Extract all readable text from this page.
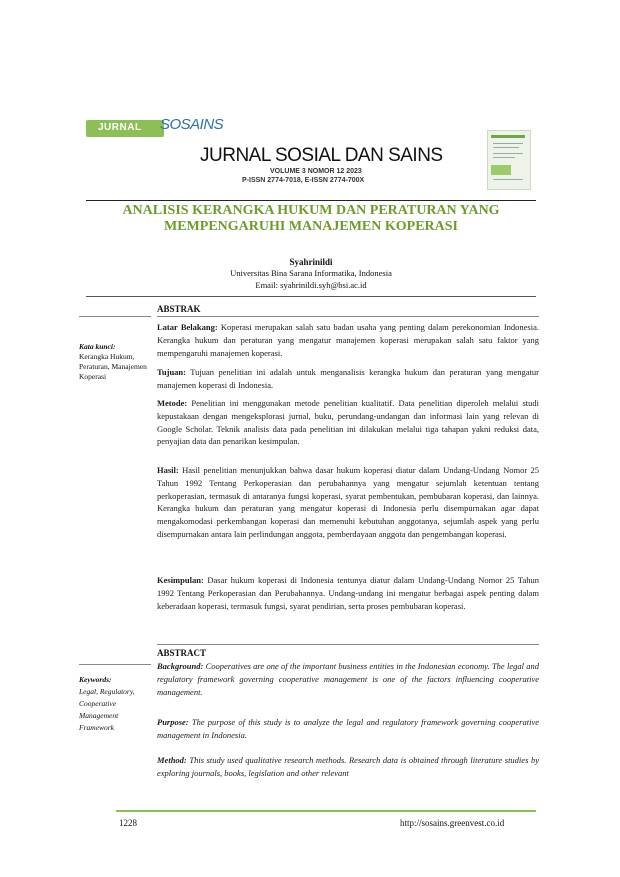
JURNAL SOSAINS
JURNAL SOSIAL DAN SAINS
VOLUME 3 NOMOR 12 2023
P-ISSN 2774-7018, E-ISSN 2774-700X
ANALISIS KERANGKA HUKUM DAN PERATURAN YANG
MEMPENGARUHI MANAJEMEN KOPERASI
Syahrinildi
Universitas Bina Sarana Informatika, Indonesia
Email: syahrinildi.syh@bsi.ac.id
ABSTRAK
Kata kunci:
Kerangka Hukum, Peraturan, Manajemen Koperasi
Latar Belakang: Koperasi merupakan salah satu badan usaha yang penting dalam perekonomian Indonesia. Kerangka hukum dan peraturan yang mengatur manajemen koperasi merupakan salah satu faktor yang mempengaruhi manajemen koperasi.
Tujuan: Tujuan penelitian ini adalah untuk menganalisis kerangka hukum dan peraturan yang mengatur manajemen koperasi di Indonesia.
Metode: Penelitian ini menggunakan metode penelitian kualitatif. Data penelitian diperoleh melalui studi kepustakaan dengan mengeksplorasi jurnal, buku, perundang-undangan dan informasi lain yang relevan di Google Scholar. Teknik analisis data pada penelitian ini dilakukan melalui tiga tahapan yakni reduksi data, penyajian data dan penarikan kesimpulan.
Hasil: Hasil penelitian menunjukkan bahwa dasar hukum koperasi diatur dalam Undang-Undang Nomor 25 Tahun 1992 Tentang Perkoperasian dan perubahannya yang mengatur sejumlah ketentuan tentang perkoperasian, termasuk di antaranya fungsi koperasi, syarat pembentukan, pembubaran koperasi, dan lainnya. Kerangka hukum dan peraturan yang mengatur koperasi di Indonesia perlu disempurnakan agar dapat mengakomodasi perkembangan koperasi dan memenuhi kebutuhan anggotanya, sejumlah aspek yang perlu disempurnakan antara lain perlindungan anggota, pemberdayaan anggota dan pengembangan koperasi.
Kesimpulan: Dasar hukum koperasi di Indonesia tentunya diatur dalam Undang-Undang Nomor 25 Tahun 1992 Tentang Perkoperasian dan Perubahannya. Undang-undang ini mengatur berbagai aspek penting dalam keberadaan koperasi, termasuk fungsi, syarat pendirian, serta proses pembubaran koperasi.
ABSTRACT
Keywords:
Legal, Regulatory, Cooperative Management Framework
Background: Cooperatives are one of the important business entities in the Indonesian economy. The legal and regulatory framework governing cooperative management is one of the factors influencing cooperative management.
Purpose: The purpose of this study is to analyze the legal and regulatory framework governing cooperative management in Indonesia.
Method: This study used qualitative research methods. Research data is obtained through literature studies by exploring journals, books, legislation and other relevant
1228	http://sosains.greenvest.co.id
